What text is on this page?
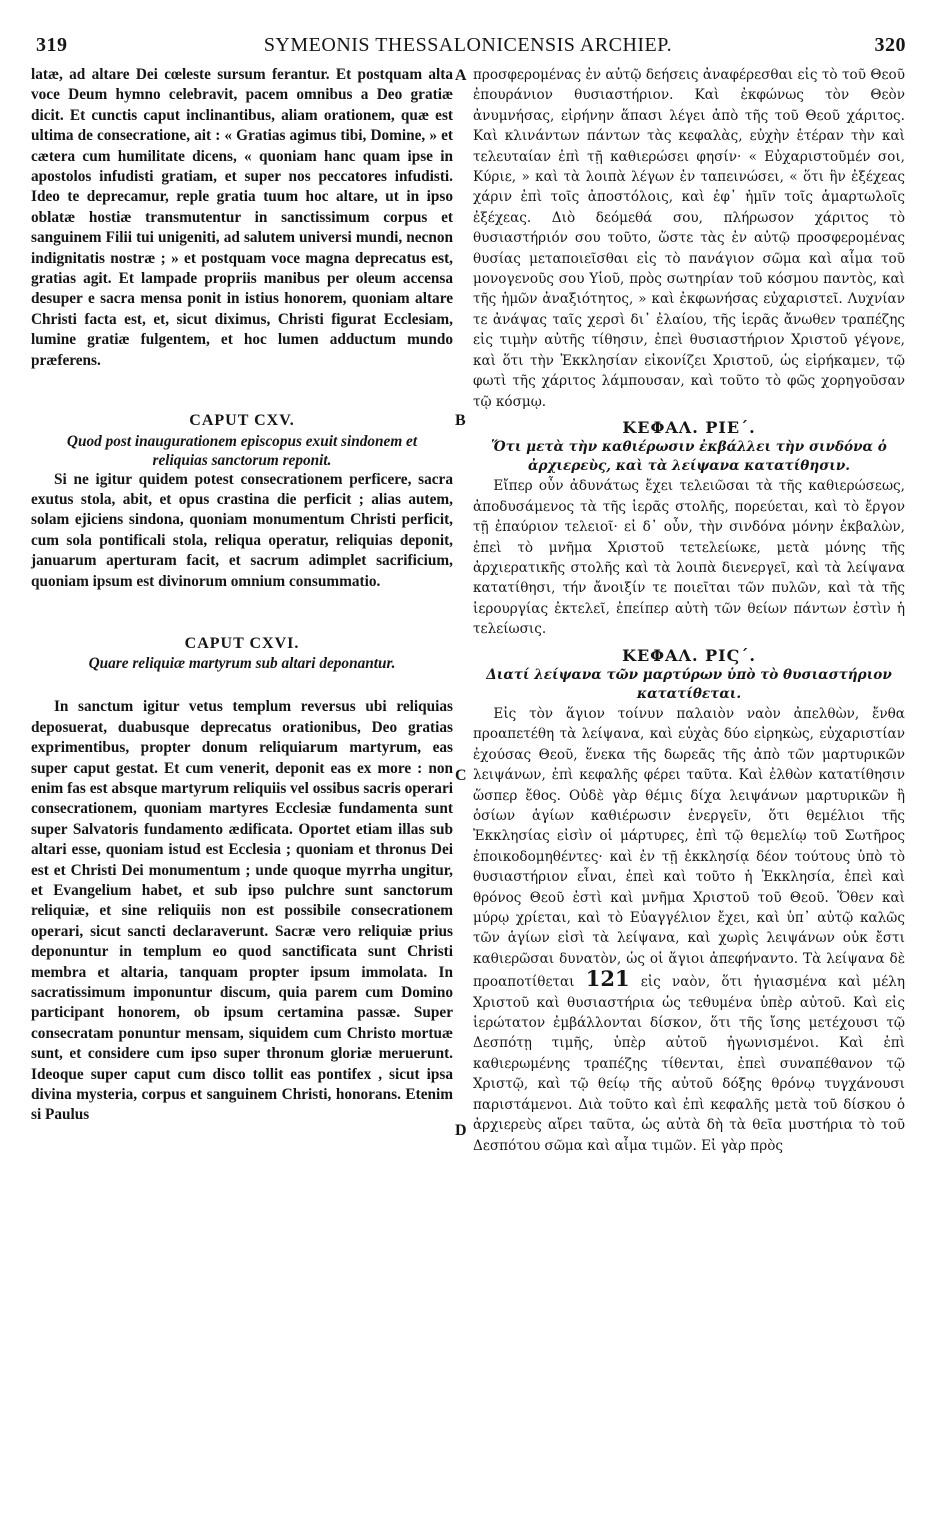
319	SYMEONIS THESSALONICENSIS ARCHIEP.	320
A
B
C
D

latæ, ad altare Dei cœleste sursum ferantur. Et postquam alta voce Deum hymno celebravit, pacem omnibus a Deo gratiæ dicit. Et cunctis caput inclinantibus, aliam orationem, quæ est ultima de consecratione, ait : « Gratias agimus tibi, Domine, » et cætera cum humilitate dicens, « quoniam hanc quam ipse in apostolos infudisti gratiam, et super nos peccatores infudisti. Ideo te deprecamur, reple gratia tuum hoc altare, ut in ipso oblatæ hostiæ transmutentur in sanctissimum corpus et sanguinem Filii tui unigeniti, ad salutem universi mundi, necnon indignitatis nostræ ; » et postquam voce magna deprecatus est, gratias agit. Et lampade propriis manibus per oleum accensa desuper e sacra mensa ponit in istius honorem, quoniam altare Christi facta est, et, sicut diximus, Christi figurat Ecclesiam, lumine gratiæ fulgentem, et hoc lumen adductum mundo præferens.

CAPUT CXV.
Quod post inaugurationem episcopus exuit sindonem et reliquias sanctorum reponit.

Si ne igitur quidem potest consecrationem perficere, sacra exutus stola, abit, et opus crastina die perficit ; alias autem, solam ejiciens sindona, quoniam monumentum Christi perficit, cum sola pontificali stola, reliqua operatur, reliquias deponit, januarum aperturam facit, et sacrum adimplet sacrificium, quoniam ipsum est divinorum omnium consummatio.

CAPUT CXVI.
Quare reliquiæ martyrum sub altari deponantur.

In sanctum igitur vetus templum reversus ubi reliquias deposuerat, duabusque deprecatus orationibus, Deo gratias exprimentibus, propter donum reliquiarum martyrum, eas super caput gestat. Et cum venerit, deponit eas ex more : non enim fas est absque martyrum reliquiis vel ossibus sacris operari consecrationem, quoniam martyres Ecclesiæ fundamenta sunt super Salvatoris fundamento ædificata. Oportet etiam illas sub altari esse, quoniam istud est Ecclesia ; quoniam et thronus Dei est et Christi Dei monumentum ; unde quoque myrrha ungitur, et Evangelium habet, et sub ipso pulchre sunt sanctorum reliquiæ, et sine reliquiis non est possibile consecrationem operari, sicut sancti declaraverunt. Sacræ vero reliquiæ prius deponuntur in templum eo quod sanctificata sunt Christi membra et altaria, tanquam propter ipsum immolata. In sacratissimum imponuntur discum, quia parem cum Domino participant honorem, ob ipsum certamina passæ. Super consecratam ponuntur mensam, siquidem cum Christo mortuæ sunt, et considere cum ipso super thronum gloriæ meruerunt. Ideoque super caput cum disco tollit eas pontifex , sicut ipsa divina mysteria, corpus et sanguinem Christi, honorans. Etenim si Paulus

προσφερομένας ἐν αὐτῷ δεήσεις ἀναφέρεσθαι εἰς τὸ τοῦ Θεοῦ ἐπουράνιον θυσιαστήριον. Καὶ ἐκφώνως τὸν Θεὸν ἀνυμνήσας, εἰρήνην ἅπασι λέγει ἀπὸ τῆς τοῦ Θεοῦ χάριτος. Καὶ κλινάντων πάντων τὰς κεφαλὰς, εὐχὴν ἑτέραν τὴν καὶ τελευταίαν ἐπὶ τῇ καθιερώσει φησίν· « Εὐχαριστοῦμέν σοι, Κύριε, » καὶ τὰ λοιπὰ λέγων ἐν ταπεινώσει, « ὅτι ἣν ἐξέχεας χάριν ἐπὶ τοῖς ἀποστόλοις, καὶ ἐφ᾿ ἡμῖν τοῖς ἁμαρτωλοῖς ἐξέχεας. Διὸ δεόμεθά σου, πλήρωσον χάριτος τὸ θυσιαστήριόν σου τοῦτο, ὥστε τὰς ἐν αὐτῷ προσφερομένας θυσίας μεταποιεῖσθαι εἰς τὸ πανάγιον σῶμα καὶ αἷμα τοῦ μονογενοῦς σου Υἱοῦ, πρὸς σωτηρίαν τοῦ κόσμου παντὸς, καὶ τῆς ἡμῶν ἀναξιότητος, » καὶ ἐκφωνήσας εὐχαριστεῖ. Λυχνίαν τε ἀνάψας ταῖς χερσὶ δι᾿ ἐλαίου, τῆς ἱερᾶς ἄνωθεν τραπέζης εἰς τιμὴν αὐτῆς τίθησιν, ἐπεὶ θυσιαστήριον Χριστοῦ γέγονε, καὶ ὅτι τὴν Ἐκκλησίαν εἰκονίζει Χριστοῦ, ὡς εἰρήκαμεν, τῷ φωτὶ τῆς χάριτος λάμπουσαν, καὶ τοῦτο τὸ φῶς χορηγοῦσαν τῷ κόσμῳ.

ΚΕΦΑΛ. ΡΙΕ΄.
Ὅτι μετὰ τὴν καθιέρωσιν ἐκβάλλει τὴν σινδόνα ὁ ἀρχιερεὺς, καὶ τὰ λείψανα κατατίθησιν.

Εἴπερ οὖν ἀδυνάτως ἔχει τελειῶσαι τὰ τῆς καθιερώσεως, ἀποδυσάμενος τὰ τῆς ἱερᾶς στολῆς, πορεύεται, καὶ τὸ ἔργον τῇ ἐπαύριον τελειοῖ· εἰ δ᾿ οὖν, τὴν σινδόνα μόνην ἐκβαλὼν, ἐπεὶ τὸ μνῆμα Χριστοῦ τετελείωκε, μετὰ μόνης τῆς ἀρχιερατικῆς στολῆς καὶ τὰ λοιπὰ διενεργεῖ, καὶ τὰ λείψανα κατατίθησι, τήν ἄνοιξίν τε ποιεῖται τῶν πυλῶν, καὶ τὰ τῆς ἱερουργίας ἐκτελεῖ, ἐπείπερ αὐτὴ τῶν θείων πάντων ἐστὶν ἡ τελείωσις.

ΚΕΦΑΛ. ΡΙϚ΄.
Διατί λείψανα τῶν μαρτύρων ὑπὸ τὸ θυσιαστήριον κατατίθεται.

Εἰς τὸν ἅγιον τοίνυν παλαιὸν ναὸν ἀπελθὼν, ἔνθα προαπετέθη τὰ λείψανα, καὶ εὐχὰς δύο εἰρηκὼς, εὐχαριστίαν ἐχούσας Θεοῦ, ἕνεκα τῆς δωρεᾶς τῆς ἀπὸ τῶν μαρτυρικῶν λειψάνων, ἐπὶ κεφαλῆς φέρει ταῦτα. Καὶ ἐλθὼν κατατίθησιν ὥσπερ ἔθος. Οὐδὲ γὰρ θέμις δίχα λειψάνων μαρτυρικῶν ἢ ὁσίων ἁγίων καθιέρωσιν ἐνεργεῖν, ὅτι θεμέλιοι τῆς Ἐκκλησίας εἰσὶν οἱ μάρτυρες, ἐπὶ τῷ θεμελίῳ τοῦ Σωτῆρος ἐποικοδομηθέντες· καὶ ἐν τῇ ἐκκλησίᾳ δέον τούτους ὑπὸ τὸ θυσιαστήριον εἶναι, ἐπεὶ καὶ τοῦτο ἡ Ἐκκλησία, ἐπεὶ καὶ θρόνος Θεοῦ ἐστὶ καὶ μνῆμα Χριστοῦ τοῦ Θεοῦ. Ὅθεν καὶ μύρῳ χρίεται, καὶ τὸ Εὐαγγέλιον ἔχει, καὶ ὑπ᾿ αὐτῷ καλῶς τῶν ἁγίων εἰσὶ τὰ λείψανα, καὶ χωρὶς λειψάνων οὐκ ἔστι καθιερῶσαι δυνατὸν, ὡς οἱ ἅγιοι ἀπεφήναντο. Τὰ λείψανα δὲ προαποτίθεται 121 εἰς ναὸν, ὅτι ἡγιασμένα καὶ μέλη Χριστοῦ καὶ θυσιαστήρια ὡς τεθυμένα ὑπὲρ αὐτοῦ. Καὶ εἰς ἱερώτατον ἐμβάλλονται δίσκον, ὅτι τῆς ἴσης μετέχουσι τῷ Δεσπότῃ τιμῆς, ὑπὲρ αὐτοῦ ἠγωνισμένοι. Καὶ ἐπὶ καθιερωμένης τραπέζης τίθενται, ἐπεὶ συναπέθανον τῷ Χριστῷ, καὶ τῷ θείῳ τῆς αὐτοῦ δόξης θρόνῳ τυγχάνουσι παριστάμενοι. Διὰ τοῦτο καὶ ἐπὶ κεφαλῆς μετὰ τοῦ δίσκου ὁ ἀρχιερεὺς αἴρει ταῦτα, ὡς αὐτὰ δὴ τὰ θεῖα μυστήρια τὸ τοῦ Δεσπότου σῶμα καὶ αἷμα τιμῶν. Εἰ γὰρ πρὸς
